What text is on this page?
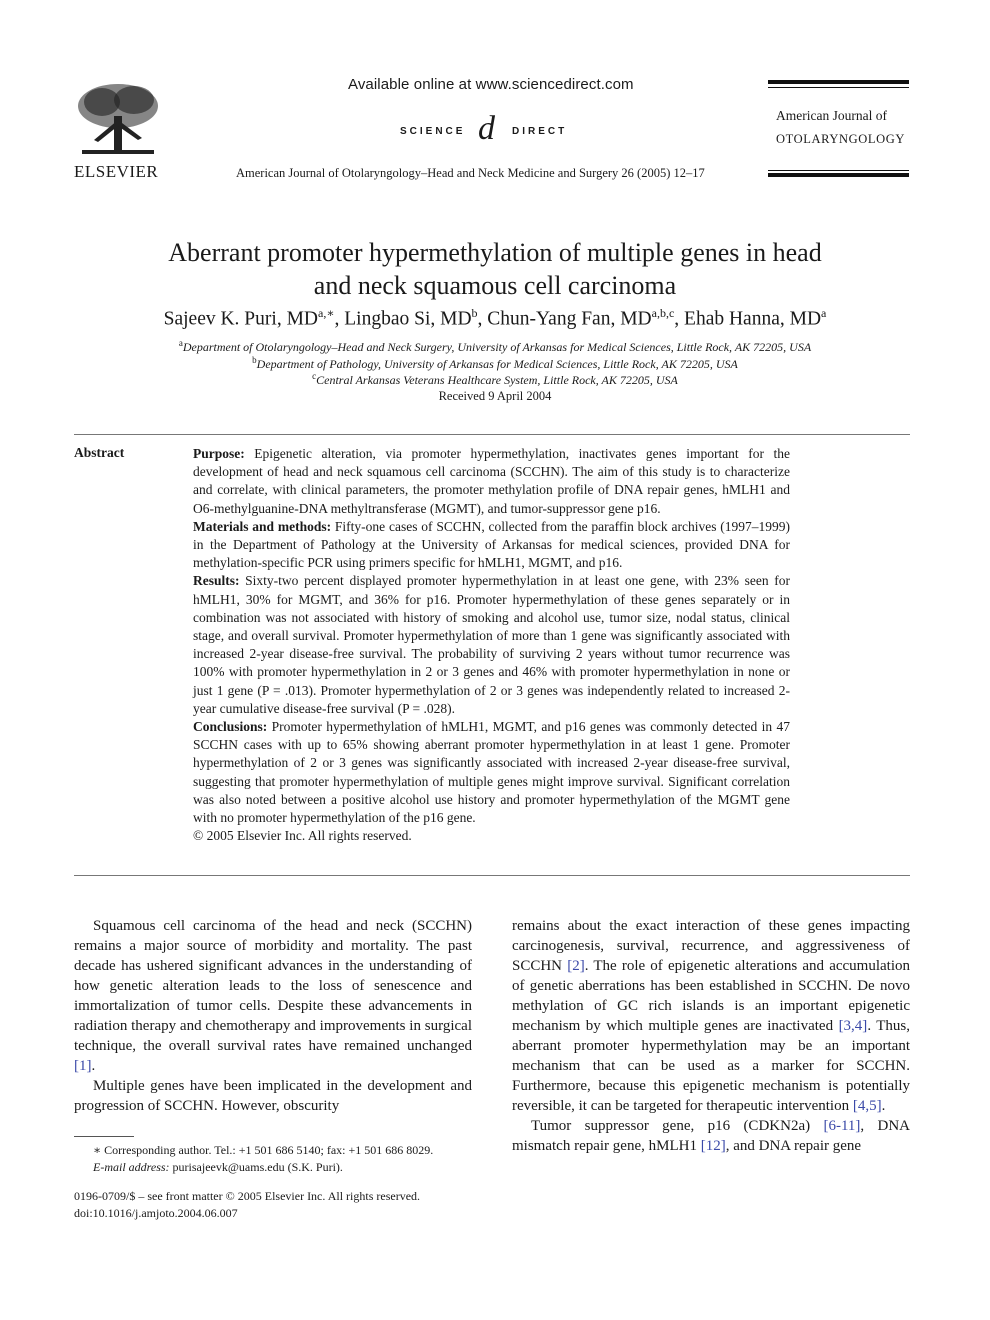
ELSEVIER
Available online at www.sciencedirect.com
SCIENCE d DIRECT
American Journal of Otolaryngology–Head and Neck Medicine and Surgery 26 (2005) 12–17
American Journal of
OTOLARYNGOLOGY
Aberrant promoter hypermethylation of multiple genes in head
and neck squamous cell carcinoma
Sajeev K. Puri, $MD^{a,∗}$, Lingbao Si, $MD^b$, Chun-Yang Fan, MD$^{a,b,c}$, Ehab Hanna, $MD^a$
$^a$Department of Otolaryngology–Head and Neck Surgery, University of Arkansas for Medical Sciences, Little Rock, AK 72205, USA
$^b$Department of Pathology, University of Arkansas for Medical Sciences, Little Rock, AK 72205, USA
$^c$Central Arkansas Veterans Healthcare System, Little Rock, AK 72205, USA
Received 9 April 2004
Abstract	Purpose: Epigenetic alteration, via promoter hypermethylation, inactivates genes important for the development of head and neck squamous cell carcinoma (SCCHN). The aim of this study is to characterize and correlate, with clinical parameters, the promoter methylation profile of DNA repair genes, hMLH1 and O6-methylguanine-DNA methyltransferase (MGMT), and tumor-suppressor gene p16.

Materials and methods: Fifty-one cases of SCCHN, collected from the paraffin block archives (1997–1999) in the Department of Pathology at the University of Arkansas for medical sciences, provided DNA for methylation-specific PCR using primers specific for hMLH1, MGMT, and p16.

Results: Sixty-two percent displayed promoter hypermethylation in at least one gene, with 23% seen for hMLH1, 30% for MGMT, and 36% for p16. Promoter hypermethylation of these genes separately or in combination was not associated with history of smoking and alcohol use, tumor size, nodal status, clinical stage, and overall survival. Promoter hypermethylation of more than 1 gene was significantly associated with increased 2-year disease-free survival. The probability of surviving 2 years without tumor recurrence was 100% with promoter hypermethylation in 2 or 3 genes and 46% with promoter hypermethylation in none or just 1 gene (P = .013). Promoter hypermethylation of 2 or 3 genes was independently related to increased 2-year cumulative disease-free survival (P = .028).

Conclusions: Promoter hypermethylation of hMLH1, MGMT, and p16 genes was commonly detected in 47 SCCHN cases with up to 65% showing aberrant promoter hypermethylation in at least 1 gene. Promoter hypermethylation of 2 or 3 genes was significantly associated with increased 2-year disease-free survival, suggesting that promoter hypermethylation of multiple genes might improve survival. Significant correlation was also noted between a positive alcohol use history and promoter hypermethylation of the MGMT gene with no promoter hypermethylation of the p16 gene.

© 2005 Elsevier Inc. All rights reserved.

Squamous cell carcinoma of the head and neck (SCCHN) remains a major source of morbidity and mortality. The past decade has ushered significant advances in the understanding of how genetic alteration leads to the loss of senescence and immortalization of tumor cells. Despite these advancements in radiation therapy and chemotherapy and improvements in surgical technique, the overall survival rates have remained unchanged [1].

Multiple genes have been implicated in the development and progression of SCCHN. However, obscurity

remains about the exact interaction of these genes impacting carcinogenesis, survival, recurrence, and aggressiveness of SCCHN [2]. The role of epigenetic alterations and accumulation of genetic aberrations has been established in SCCHN. De novo methylation of GC rich islands is an important epigenetic mechanism by which multiple genes are inactivated [3,4]. Thus, aberrant promoter hypermethylation may be an important mechanism that can be used as a marker for SCCHN. Furthermore, because this epigenetic mechanism is potentially reversible, it can be targeted for therapeutic intervention [4,5].

Tumor suppressor gene, p16 (CDKN2a) [6-11], DNA mismatch repair gene, hMLH1 [12], and DNA repair gene

∗ Corresponding author. Tel.: +1 501 686 5140; fax: +1 501 686 8029.
E-mail address: purisajeevk@uams.edu (S.K. Puri).
0196-0709/$ – see front matter © 2005 Elsevier Inc. All rights reserved.
doi:10.1016/j.amjoto.2004.06.007
